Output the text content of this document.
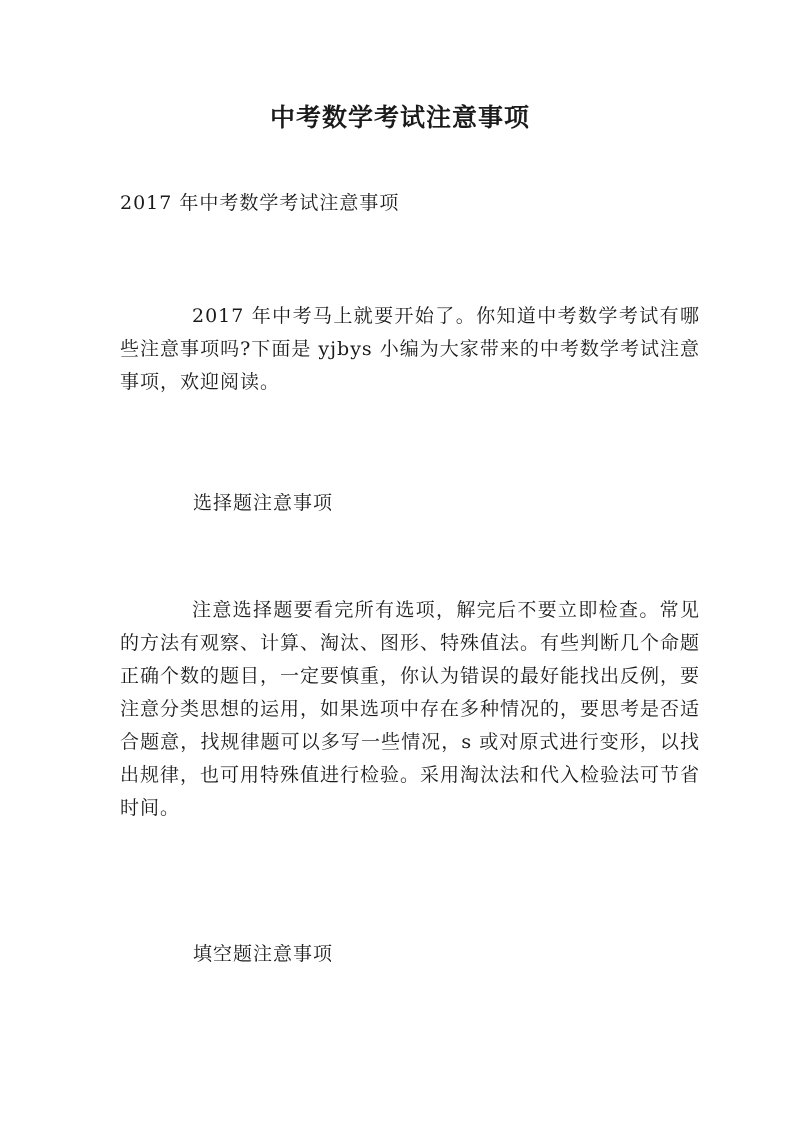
中考数学考试注意事项

2017 年中考数学考试注意事项

2017 年中考马上就要开始了。你知道中考数学考试有哪些注意事项吗?下面是 yjbys 小编为大家带来的中考数学考试注意事项，欢迎阅读。

选择题注意事项

注意选择题要看完所有选项，解完后不要立即检查。常见的方法有观察、计算、淘汰、图形、特殊值法。有些判断几个命题正确个数的题目，一定要慎重，你认为错误的最好能找出反例，要注意分类思想的运用，如果选项中存在多种情况的，要思考是否适合题意，找规律题可以多写一些情况，s 或对原式进行变形，以找出规律，也可用特殊值进行检验。采用淘汰法和代入检验法可节省时间。

填空题注意事项
